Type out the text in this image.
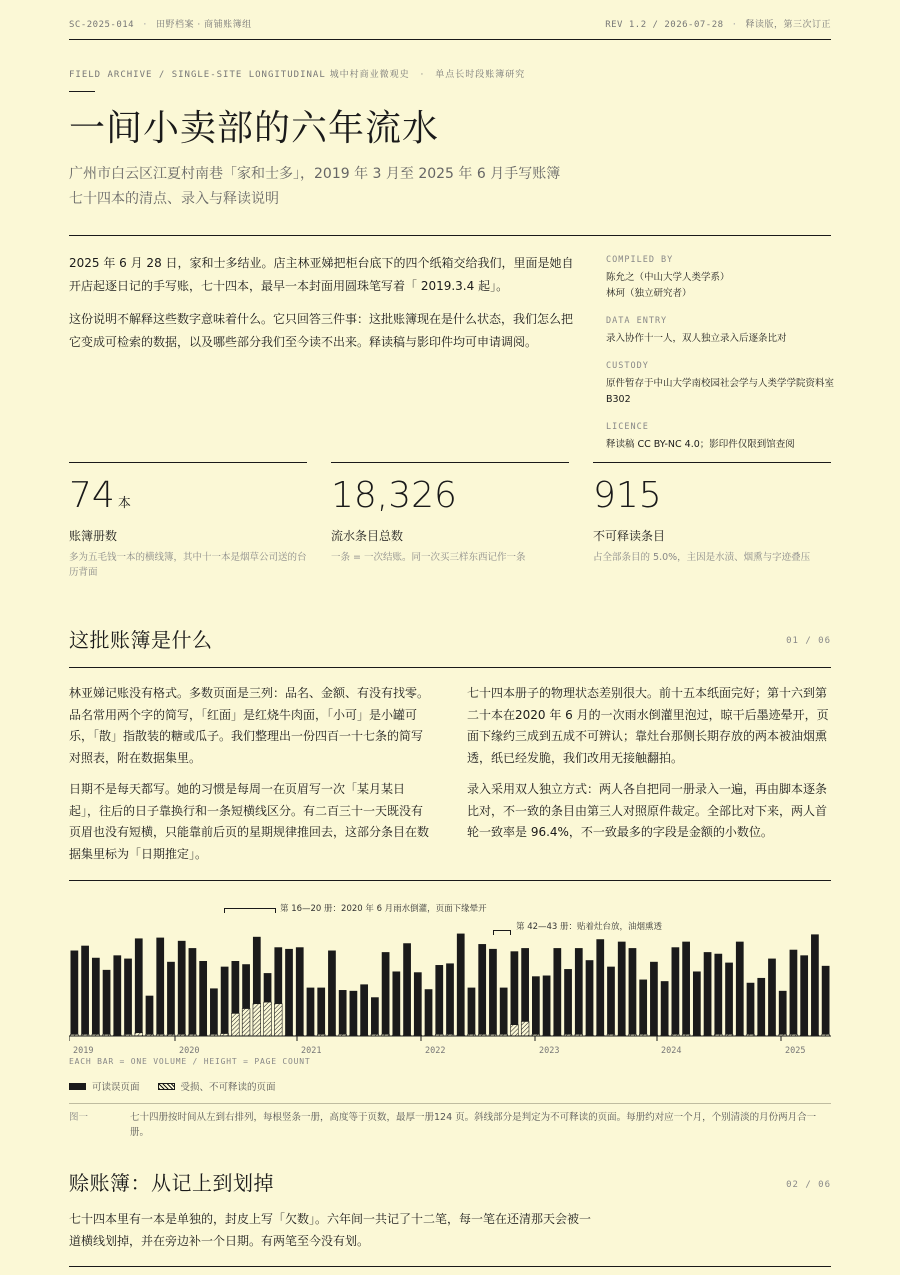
SC-2025-014 · 田野档案 · 商铺账簿组	REV 1.2 / 2026-07-28 · 释读版，第三次订正
FIELD ARCHIVE / SINGLE-SITE LONGITUDINAL 城中村商业微观史 · 单点长时段账簿研究
一间小卖部的六年流水
广州市白云区江夏村南巷「家和士多」，2019 年 3 月至 2025 年 6 月手写账簿
七十四本的清点、录入与释读说明

2025 年 6 月 28 日，家和士多结业。店主林亚娣把柜台底下的四个纸箱交给我们，里面是她自开店起逐日记的手写账，七十四本，最早一本封面用圆珠笔写着「 2019.3.4 起」。

这份说明不解释这些数字意味着什么。它只回答三件事：这批账簿现在是什么状态，我们怎么把它变成可检索的数据，以及哪些部分我们至今读不出来。释读稿与影印件均可申请调阅。

COMPILED BY
陈允之（中山大学人类学系）
林珂（独立研究者）
DATA ENTRY
录入协作十一人，双人独立录入后逐条比对
CUSTODY
原件暂存于中山大学南校园社会学与人类学学院资料室 B302
LICENCE
释读稿 CC BY-NC 4.0；影印件仅限到馆查阅
74 本
账簿册数
多为五毛钱一本的横线簿，其中十一本是烟草公司送的台历背面
18,326
流水条目总数
一条 = 一次结账。同一次买三样东西记作一条
915
不可释读条目
占全部条目的 5.0%，主因是水渍、烟熏与字迹叠压
这批账簿是什么	01 / 06

林亚娣记账没有格式。多数页面是三列：品名、金额、有没有找零。品名常用两个字的简写，「红面」是红烧牛肉面，「小可」是小罐可乐，「散」指散装的糖或瓜子。我们整理出一份四百一十七条的简写对照表，附在数据集里。

日期不是每天都写。她的习惯是每周一在页眉写一次「某月某日起」，往后的日子靠换行和一条短横线区分。有二百三十一天既没有页眉也没有短横，只能靠前后页的星期规律推回去，这部分条目在数据集里标为「日期推定」。

七十四本册子的物理状态差别很大。前十五本纸面完好；第十六到第二十本在2020 年 6 月的一次雨水倒灌里泡过，晾干后墨迹晕开，页面下缘约三成到五成不可辨认；靠灶台那侧长期存放的两本被油烟熏透，纸已经发脆，我们改用无接触翻拍。

录入采用双人独立方式：两人各自把同一册录入一遍，再由脚本逐条比对，不一致的条目由第三人对照原件裁定。全部比对下来，两人首轮一致率是 96.4%，不一致最多的字段是金额的小数位。

第 16—20 册：2020 年 6 月雨水倒灌，页面下缘晕开
第 42—43 册：贴着灶台放，油烟熏透
2019	2020	2021	2022	2023	2024	2025
EACH BAR = ONE VOLUME / HEIGHT = PAGE COUNT
可读误页面	受损、不可释读的页面
图一	七十四册按时间从左到右排列，每根竖条一册，高度等于页数，最厚一册124 页。斜线部分是判定为不可释读的页面。每册约对应一个月，个别清淡的月份两月合一册。
赊账簿：从记上到划掉	02 / 06
七十四本里有一本是单独的，封皮上写「欠数」。六年间一共记了十二笔，每一笔在还清那天会被一道横线划掉，并在旁边补一个日期。有两笔至今没有划。
